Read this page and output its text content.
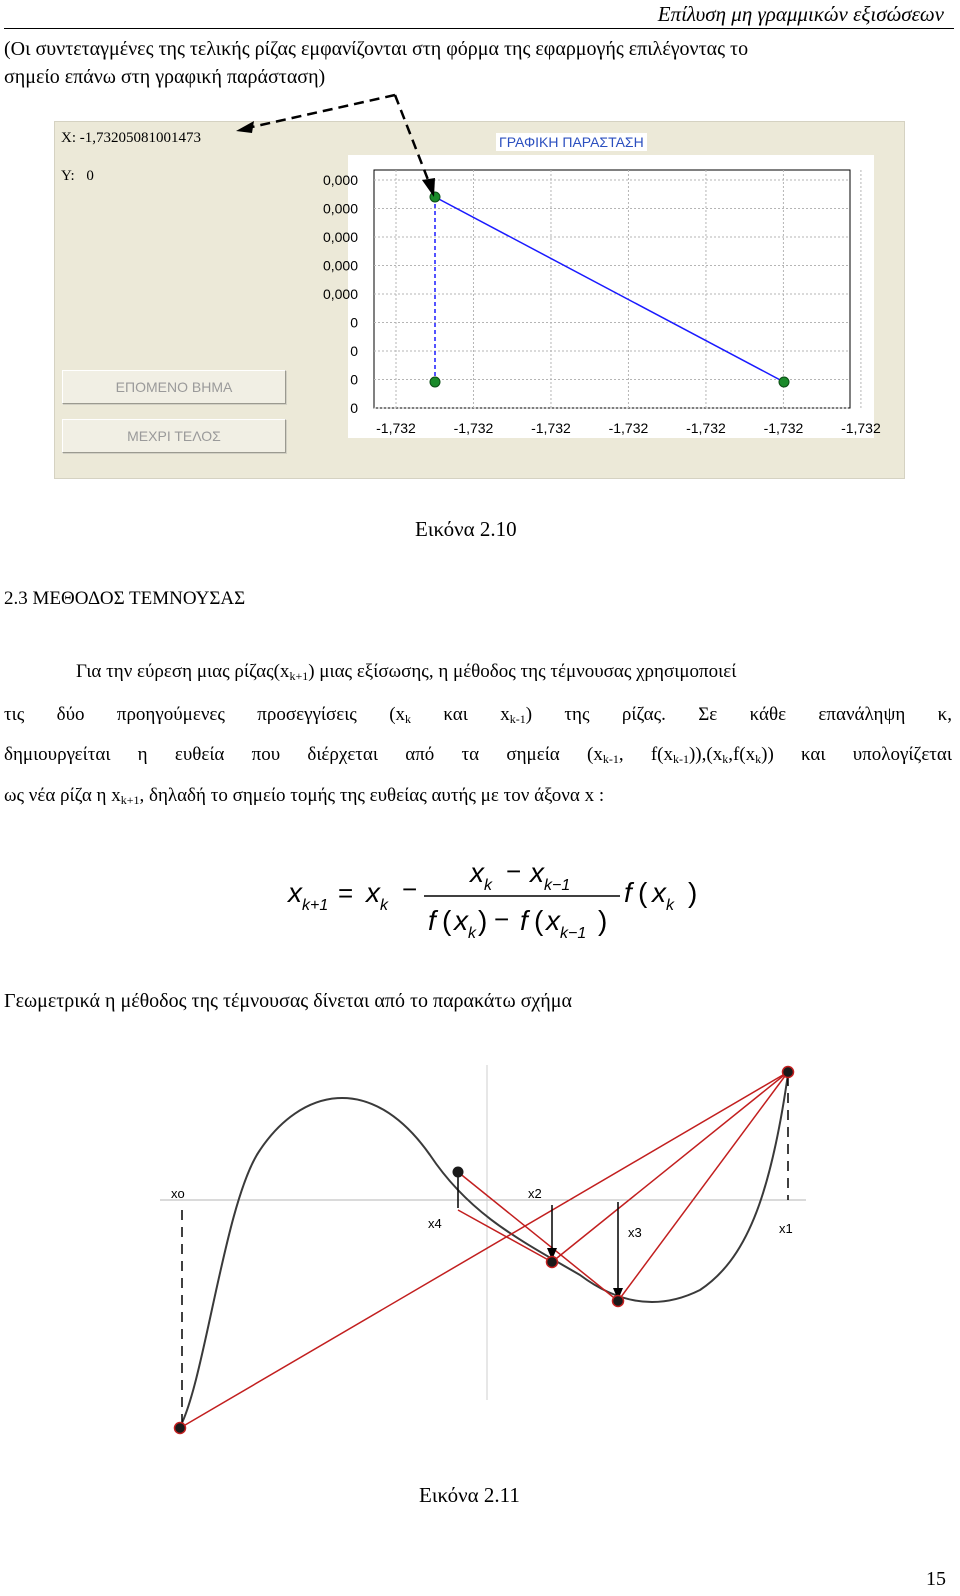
Επίλυση μη γραμμικών εξισώσεων

(Οι συντεταγμένες της τελικής ρίζας εμφανίζονται στη φόρμα της εφαρμογής επιλέγοντας το

σημείο επάνω στη γραφική παράσταση)

X: -1,73205081001473
Y: 0
ΕΠΟΜΕΝΟ ΒΗΜΑ
ΜΕΧΡΙ ΤΕΛΟΣ
ΓΡΑΦΙΚΗ ΠΑΡΑΣΤΑΣΗ
0,000
0,000
0,000
0,000
0,000
0
0
0
0
-1,732	-1,732	-1,732	-1,732	-1,732	-1,732	-1,732
Εικόνα 2.10
2.3 ΜΕΘΟΔΟΣ ΤΕΜΝΟΥΣΑΣ

Για την εύρεση μιας $\rho ί\zeta\alpha\varsigma(x_{k+1})$ μιας εξίσωσης, η μέθοδος της τέμνουσας χρησιμοποιεί

τις δύο προηγούμενες προσεγγίσεις ($x_k$ και $x_{k-1}$) της ρίζας. Σε κάθε επανάληψη κ,

δημιουργείται η ευθεία που διέρχεται από τα σημεία ($x_{k-1}$, $f(x_{k-1})),(x_k,f(x_k))$ και υπολογίζεται

ως νέα ρίζα η $x_{k+1}$, δηλαδή το σημείο τομής της ευθείας αυτής με τον άξονα x :

x k+1 = x k
−
x k − x k−1
f ( x k ) − f ( x k−1 )
f ( x k )

Γεωμετρικά η μέθοδος της τέμνουσας δίνεται από το παρακάτω σχήμα

xo
x1
x2
x3
x4
Εικόνα 2.11
15
